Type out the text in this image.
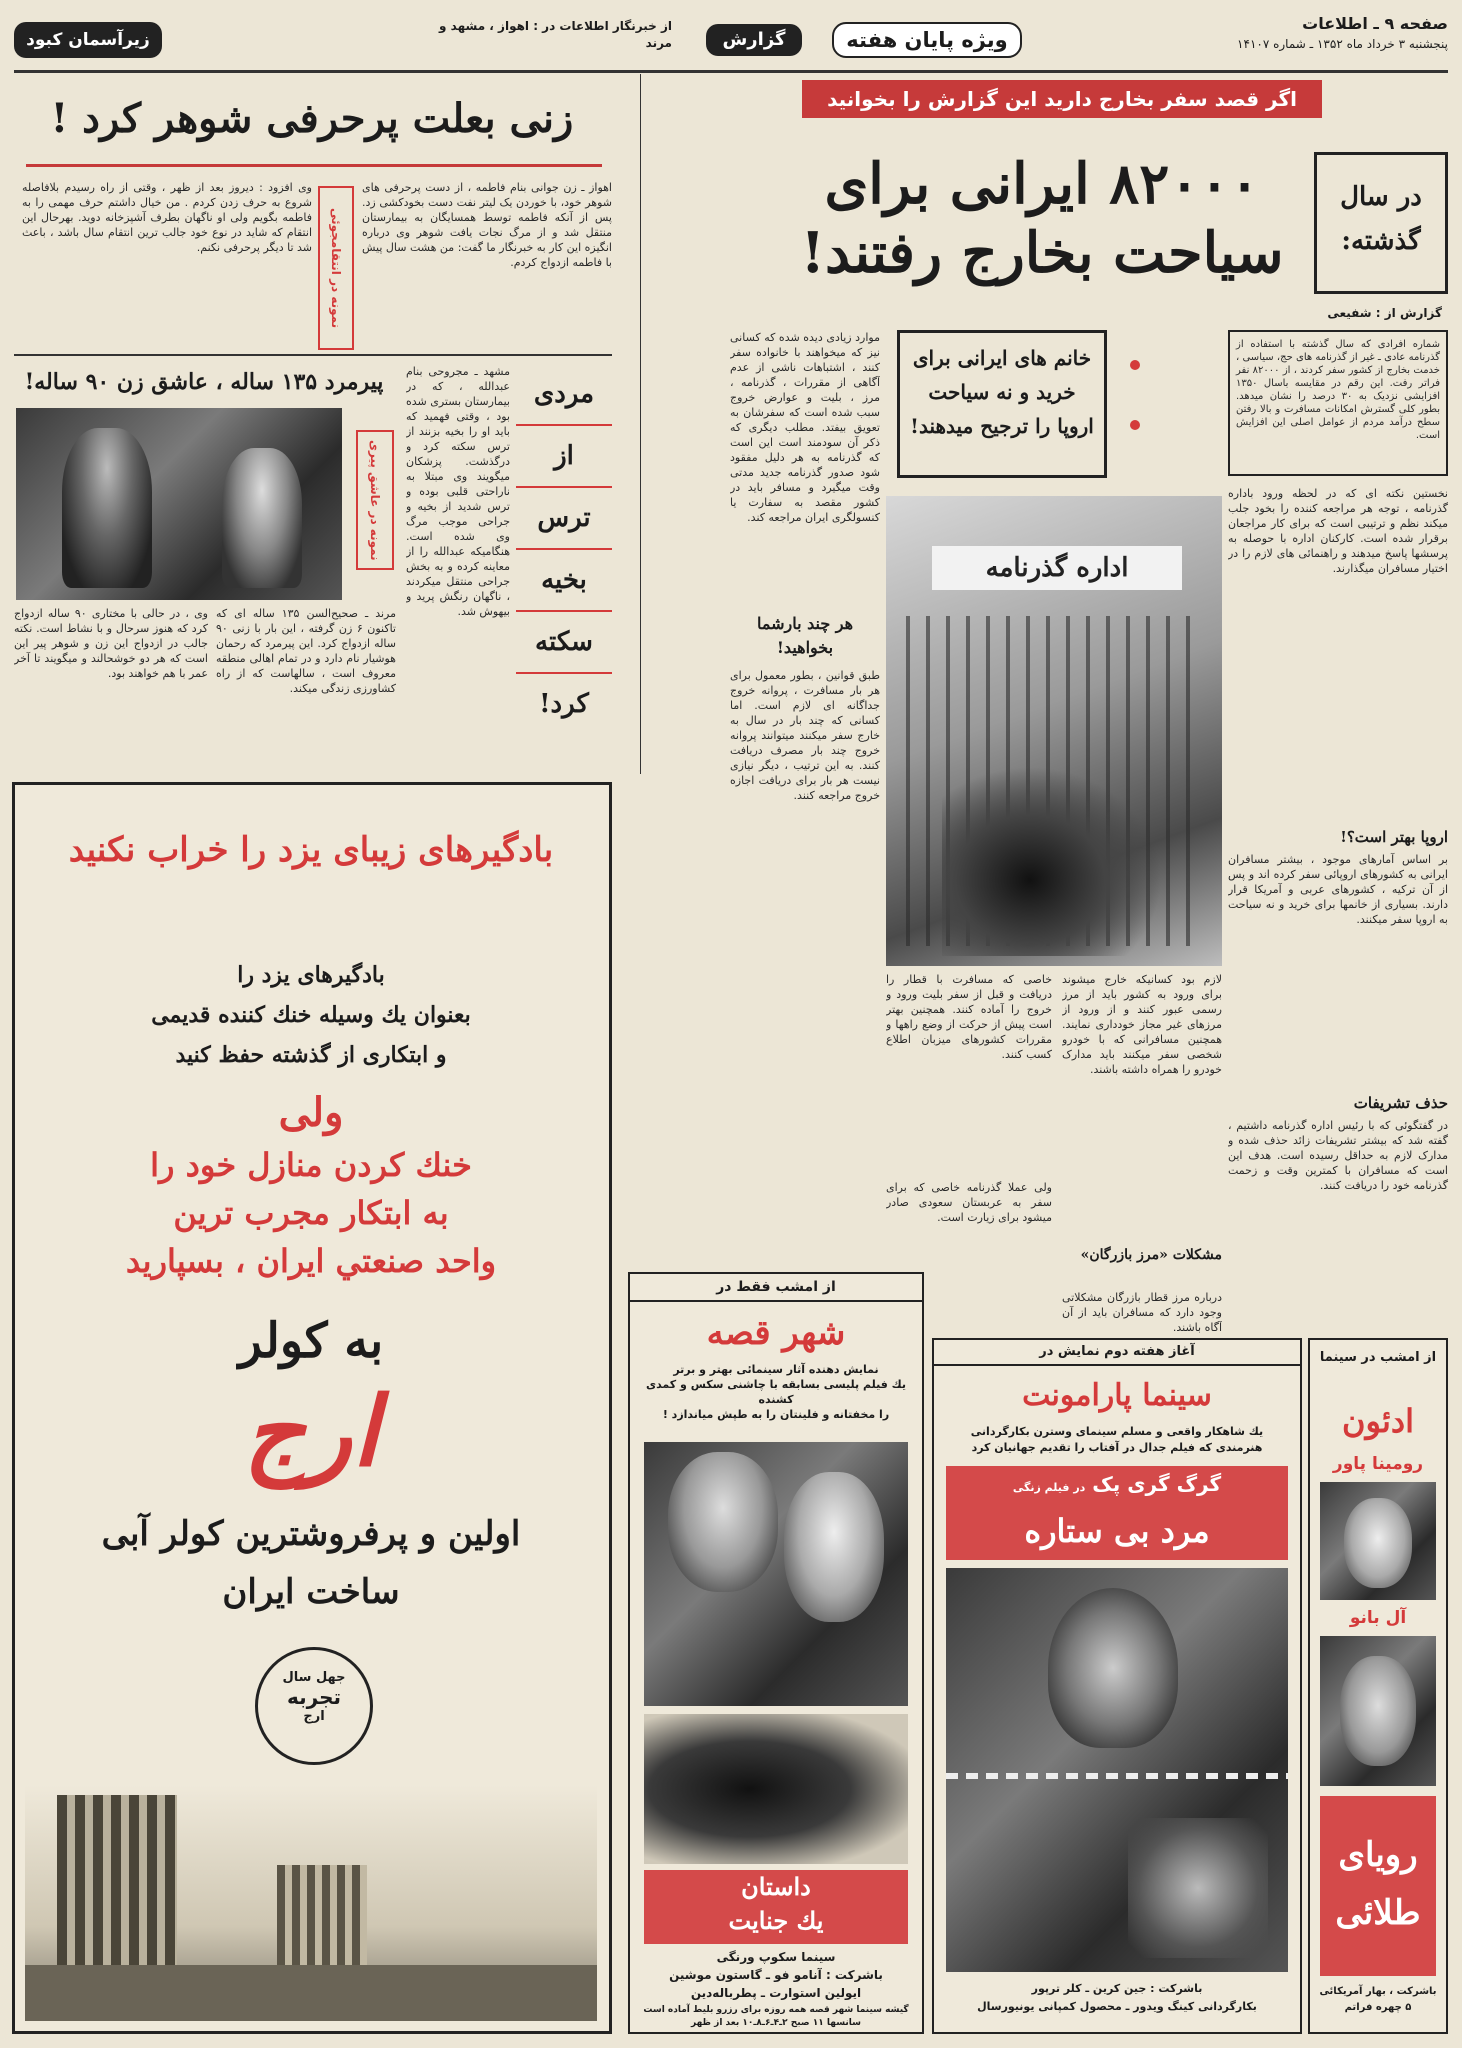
صفحه ۹ ـ اطلاعات
پنجشنبه ۳ خرداد ماه ۱۳۵۲ ـ شماره ۱۴۱۰۷
ویژه پایان هفته
گزارش
از خبرنگار اطلاعات در : اهواز ، مشهد و مرند
زیرآسمان کبود
اگر قصد سفر بخارج دارید این گزارش را بخوانید
در سال گذشته:
۸۲۰۰۰ ایرانی برای
سیاحت بخارج رفتند!
گزارش از : شفیعی
شماره افرادی که سال گذشته با استفاده از گذرنامه عادی ـ غیر از گذرنامه های حج، سیاسی ، خدمت بخارج از کشور سفر کردند ، از ۸۲۰۰۰ نفر فراتر رفت. این رقم در مقایسه باسال ۱۳۵۰ افزایشی نزدیک به ۳۰ درصد را نشان میدهد. بطور کلی گسترش امکانات مسافرت و بالا رفتن سطح درآمد مردم از عوامل اصلی این افزایش است.
خانم های ایرانی برای خرید و نه سیاحت اروپا را ترجیح میدهند!
موارد زیادی دیده شده که کسانی نیز که میخواهند با خانواده سفر کنند ، اشتباهات ناشی از عدم آگاهی از مقررات ، گذرنامه ، مرز ، بلیت و عوارض خروج سبب شده است که سفرشان به تعویق بیفتد. مطلب دیگری که ذکر آن سودمند است این است که گذرنامه به هر دلیل مفقود شود صدور گذرنامه جدید مدتی وقت میگیرد و مسافر باید در کشور مقصد به سفارت یا کنسولگری ایران مراجعه کند.
هر چند بارشما بخواهید!
طبق قوانین ، بطور معمول برای هر بار مسافرت ، پروانه خروج جداگانه ای لازم است. اما کسانی که چند بار در سال به خارج سفر میکنند میتوانند پروانه خروج چند بار مصرف دریافت کنند. به این ترتیب ، دیگر نیازی نیست هر بار برای دریافت اجازه خروج مراجعه کنند.
نخستین نکته ای که در لحظه ورود باداره گذرنامه ، توجه هر مراجعه کننده را بخود جلب میکند نظم و ترتیبی است که برای کار مراجعان برقرار شده است. کارکنان اداره با حوصله به پرسشها پاسخ میدهند و راهنمائی های لازم را در اختیار مسافران میگذارند.
اروپا بهتر است؟!
بر اساس آمارهای موجود ، بیشتر مسافران ایرانی به کشورهای اروپائی سفر کرده اند و پس از آن ترکیه ، کشورهای عربی و آمریکا قرار دارند. بسیاری از خانمها برای خرید و نه سیاحت به اروپا سفر میکنند.
حذف تشریفات
در گفتگوئی که با رئیس اداره گذرنامه داشتیم ، گفته شد که بیشتر تشریفات زائد حذف شده و مدارک لازم به حداقل رسیده است. هدف این است که مسافران با کمترین وقت و زحمت گذرنامه خود را دریافت کنند.
اداره گذرنامه
لازم بود کسانیکه خارج میشوند برای ورود به کشور باید از مرز رسمی عبور کنند و از ورود از مرزهای غیر مجاز خودداری نمایند. همچنین مسافرانی که با خودرو شخصی سفر میکنند باید مدارک خودرو را همراه داشته باشند.
مشکلات «مرز بازرگان»
درباره مرز قطار بازرگان مشکلاتی وجود دارد که مسافران باید از آن آگاه باشند.
خاصی که مسافرت با قطار را دریافت و قبل از سفر بلیت ورود و خروج را آماده کنند. همچنین بهتر است پیش از حرکت از وضع راهها و مقررات کشورهای میزبان اطلاع کسب کنند.
ولی عملا گذرنامه خاصی که برای سفر به عربستان سعودی صادر میشود برای زیارت است.
زنی بعلت پرحرفی شوهر کرد !
اهواز ـ زن جوانی بنام فاطمه ، از دست پرحرفی های شوهر خود، با خوردن یک لیتر نفت دست بخودکشی زد. پس از آنکه فاطمه توسط همسایگان به بیمارستان منتقل شد و از مرگ نجات یافت شوهر وی درباره انگیزه این کار به خبرنگار ما گفت: من هشت سال پیش با فاطمه ازدواج کردم.
نمونه در انتقامجوئی
وی افزود : دیروز بعد از ظهر ، وقتی از راه رسیدم بلافاصله شروع به حرف زدن کردم . من خیال داشتم حرف مهمی را به فاطمه بگویم ولی او ناگهان بطرف آشپزخانه دوید. بهرحال این انتقام که شاید در نوع خود جالب ترین انتقام سال باشد ، باعث شد تا دیگر پرحرفی نکنم.
مردی
از
ترس
بخیه
سکته
کرد!
مشهد ـ مجروحی بنام عبدالله ، که در بیمارستان بستری شده بود ، وقتی فهمید که باید او را بخیه بزنند از ترس سکته کرد و درگذشت. پزشکان میگویند وی مبتلا به ناراحتی قلبی بوده و ترس شدید از بخیه و جراحی موجب مرگ وی شده است. هنگامیکه عبدالله را از معاینه کرده و به بخش جراحی منتقل میکردند ، ناگهان رنگش پرید و بیهوش شد.
پیرمرد ۱۳۵ ساله ، عاشق زن ۹۰ ساله!
نمونه در عاشق پیری
مرند ـ صحیح‌السن ۱۳۵ ساله ای که تاکنون ۶ زن گرفته ، این بار با زنی ۹۰ ساله ازدواج کرد. این پیرمرد که رحمان هوشیار نام دارد و در تمام اهالی منطقه معروف است ، سالهاست که از راه کشاورزی زندگی میکند.
وی ، در حالی با مختاری ۹۰ ساله ازدواج کرد که هنوز سرحال و با نشاط است. نکته جالب در ازدواج این زن و شوهر پیر این است که هر دو خوشحالند و میگویند تا آخر عمر با هم خواهند بود.
بادگیرهای زیبای یزد را خراب نکنید
بادگیرهای یزد را
بعنوان یك وسیله خنك کننده قدیمی
و ابتکاری از گذشته حفظ کنید
ولی
خنك كردن منازل خود را
به ابتكار مجرب ترين
واحد صنعتي ايران ، بسپاريد
به کولر
ارج
اولین و پرفروشترین کولر آبی
ساخت ایران
جهل سال
تجربه
ارج
از امشب فقط در
شهر قصه
نمایش دهنده آثار سینمائی بهتر و برتر
یك فیلم پلیسی بسابقه با چاشنی سکس و کمدی کشنده
را مخفتانه و فلینتان را به طپش میاندازد !
داستان
یك جنایت
سینما سکوپ ورنگی
باشرکت : آنامو فو ـ گاستون موشین
ایولین استوارت ـ پطرباله‌دین
گیشه سینما شهر قصه همه روزه برای رزرو بلیط آماده است سانسها ۱۱ صبح ۲ـ۴ـ۶ـ۸ـ۱۰ بعد از ظهر
آغاز هفته دوم نمایش در
سینما پارامونت
یك شاهکار واقعی و مسلم سینمای وسترن بکارگردانی
هنرمندی که فیلم جدال در آفتاب را تقدیم جهانیان کرد
گرگ گری پک در فیلم زنگی
مرد بی ستاره
باشرکت : جین کرین ـ کلر ترپور
بکارگردانی کینگ ویدور ـ محصول کمپانی یونیورسال
از امشب در سینما
ادئون
رومینا پاور
آل بانو
رویای طلائی
باشرکت ، بهار آمریکائی
۵ چهره فراتم
